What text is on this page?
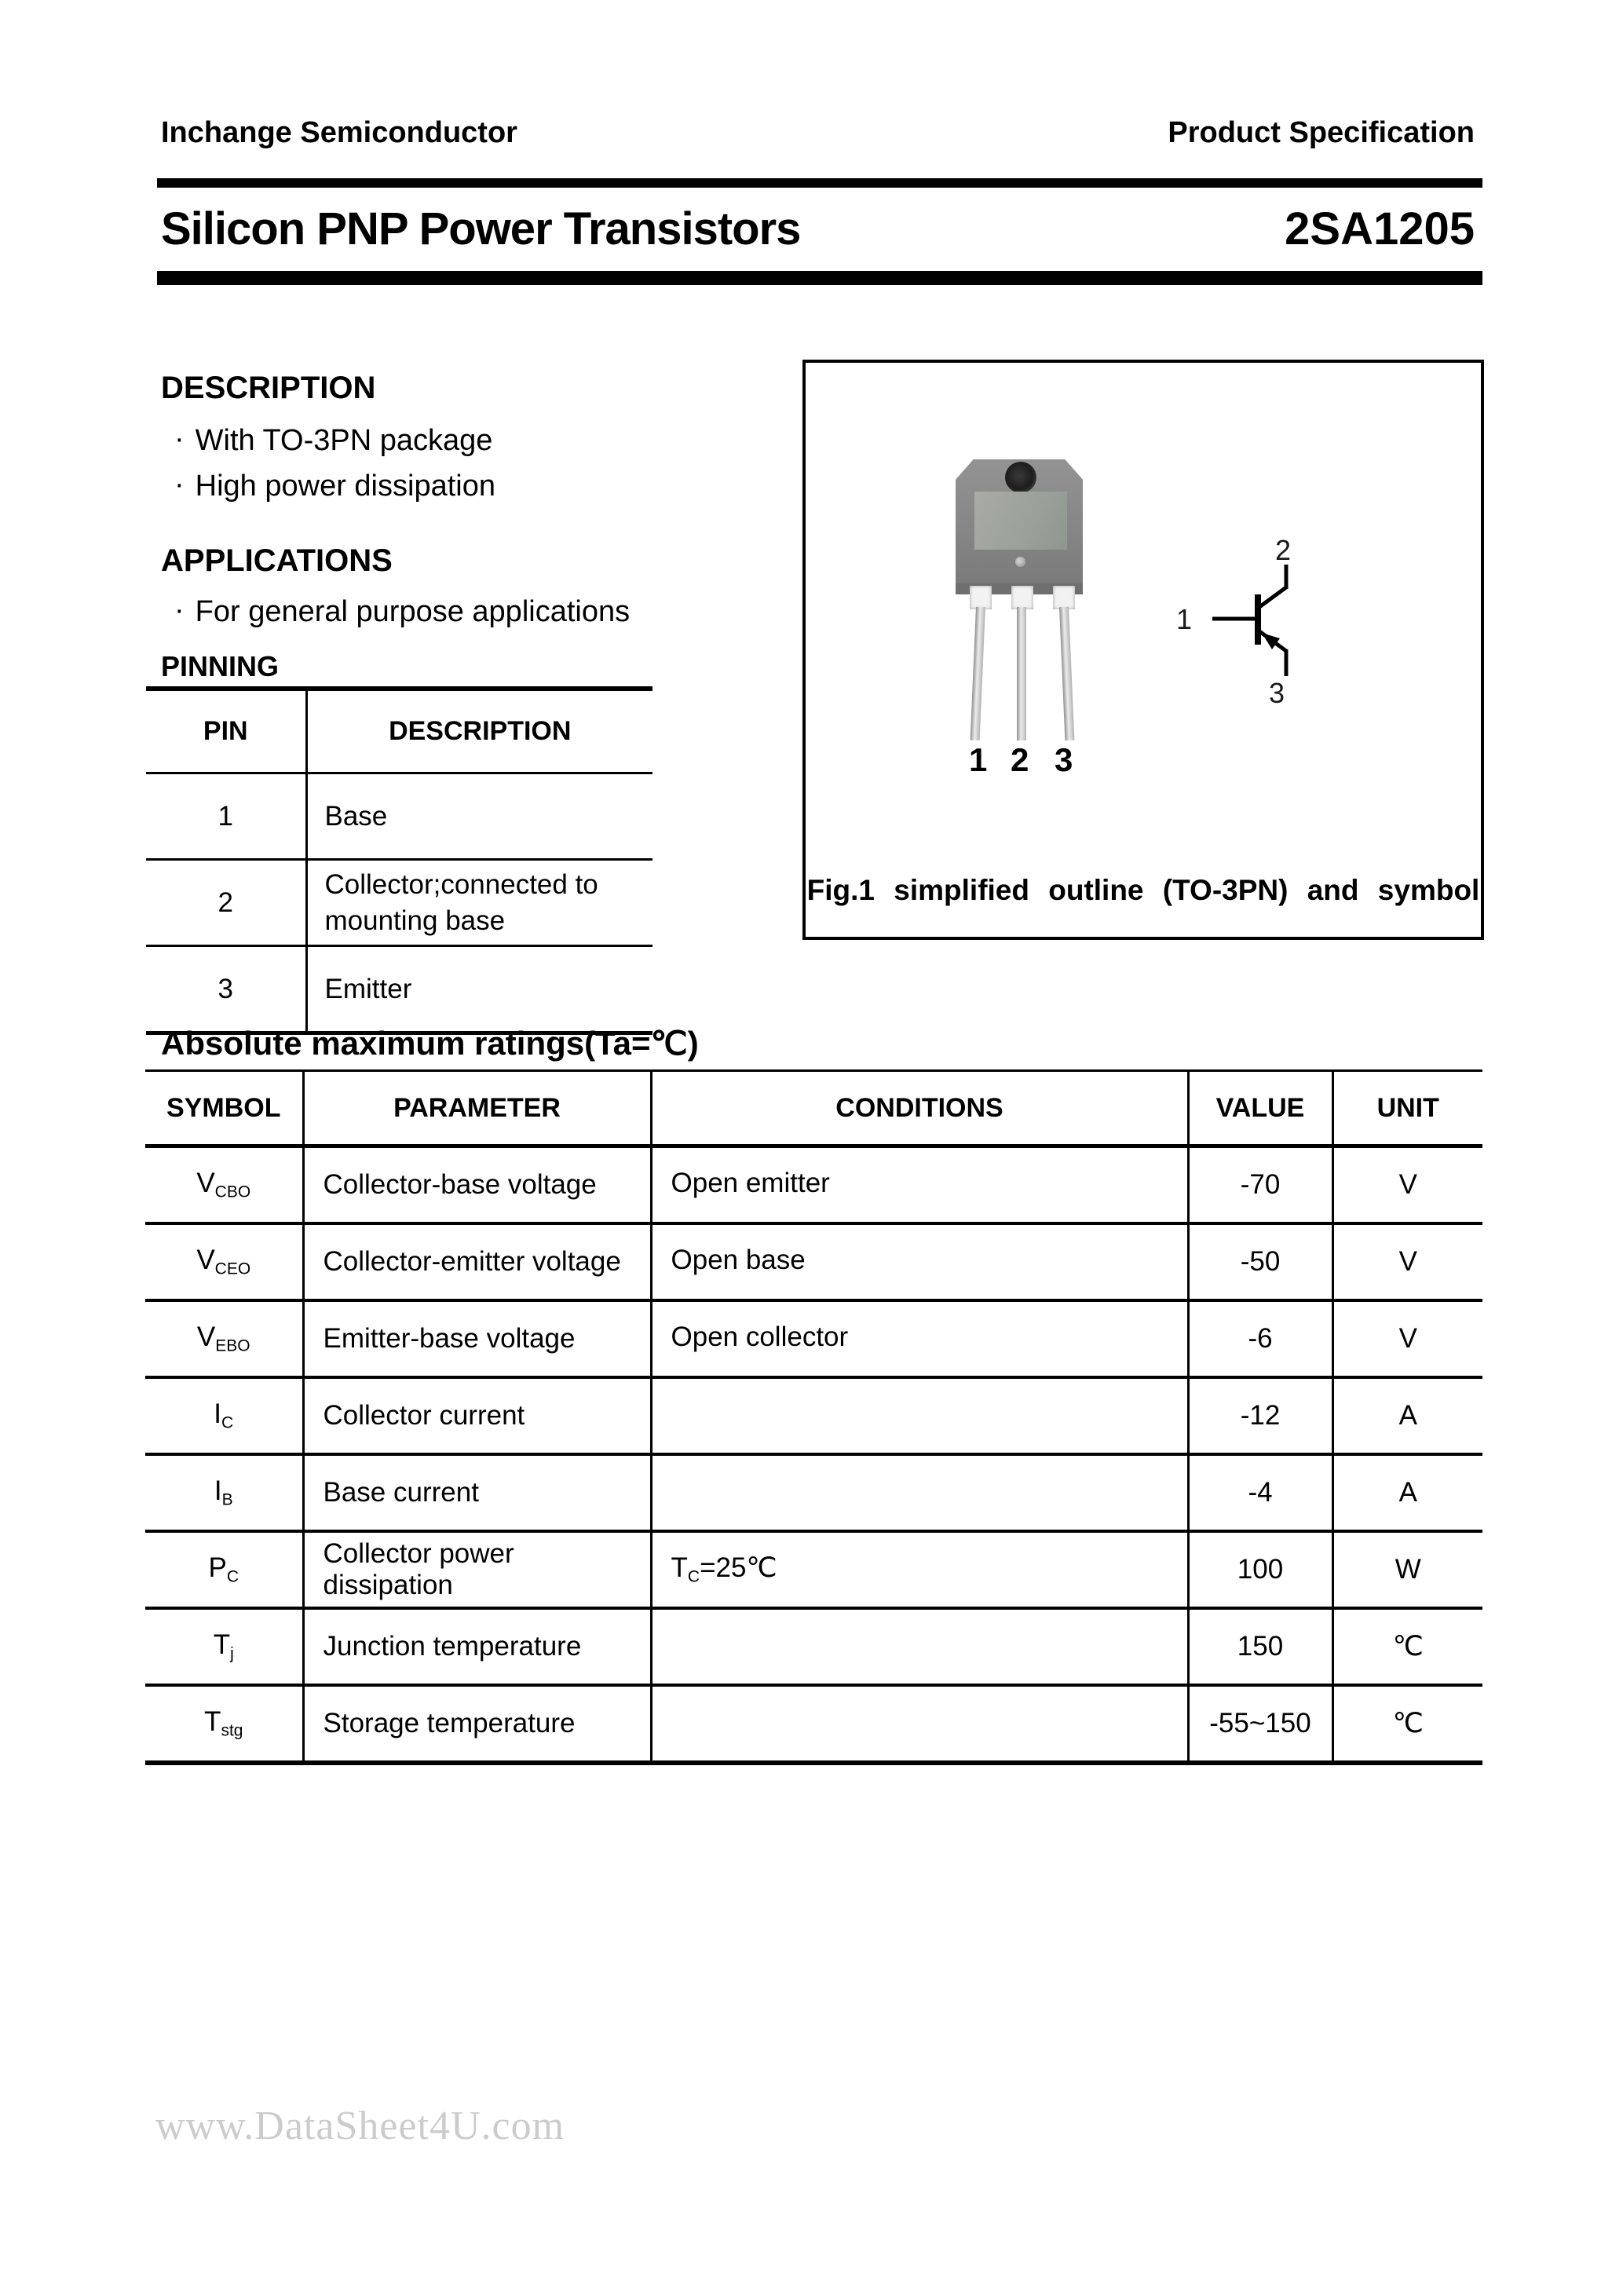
Inchange Semiconductor	Product Specification
Silicon PNP Power Transistors	2SA1205
DESCRIPTION
· With TO-3PN package
· High power dissipation
APPLICATIONS
· For general purpose applications
PINNING
PIN	DESCRIPTION
1	Base
2	Collector;connected to mounting base
3	Emitter
1 2 3
1
2
3
Fig.1 simplified outline (TO-3PN) and symbol
Absolute maximum ratings(Ta=℃)
SYMBOL	PARAMETER	CONDITIONS	VALUE	UNIT
$V_{CBO}$	Collector-base voltage	Open emitter	-70	V
$V_{CEO}$	Collector-emitter voltage	Open base	-50	V
$V_{EBO}$	Emitter-base voltage	Open collector	-6	V
$I_C$	Collector current		-12	A
$I_B$	Base current		-4	A
$P_C$	Collector power dissipation	$T_C=25℃$	100	W
$T_j$	Junction temperature		150	℃
$T_{stg}$	Storage temperature		-55~150	℃
www.DataSheet4U.com
